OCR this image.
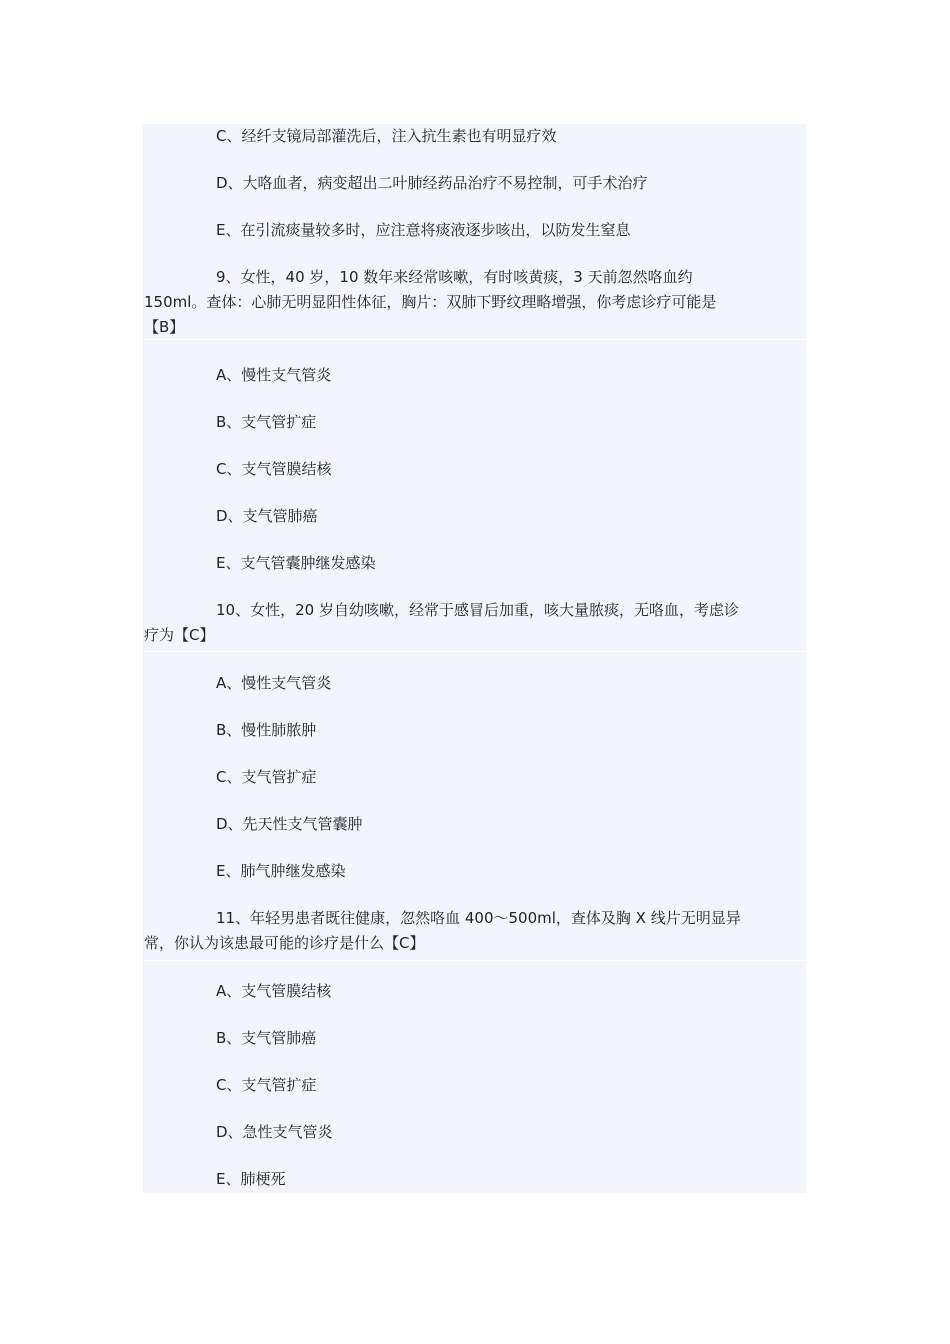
C、经纤支镜局部灌洗后，注入抗生素也有明显疗效
D、大咯血者，病变超出二叶肺经药品治疗不易控制，可手术治疗
E、在引流痰量较多时，应注意将痰液逐步咳出，以防发生窒息
9、女性，40 岁，10 数年来经常咳嗽，有时咳黄痰，3 天前忽然咯血约
150ml。查体：心肺无明显阳性体征，胸片：双肺下野纹理略增强，你考虑诊疗可能是
【B】
A、慢性支气管炎
B、支气管扩症
C、支气管膜结核
D、支气管肺癌
E、支气管囊肿继发感染
10、女性，20 岁自幼咳嗽，经常于感冒后加重，咳大量脓痰，无咯血，考虑诊
疗为【C】
A、慢性支气管炎
B、慢性肺脓肿
C、支气管扩症
D、先天性支气管囊肿
E、肺气肿继发感染
11、年轻男患者既往健康，忽然咯血 400～500ml，查体及胸 X 线片无明显异
常，你认为该患最可能的诊疗是什么【C】
A、支气管膜结核
B、支气管肺癌
C、支气管扩症
D、急性支气管炎
E、肺梗死
